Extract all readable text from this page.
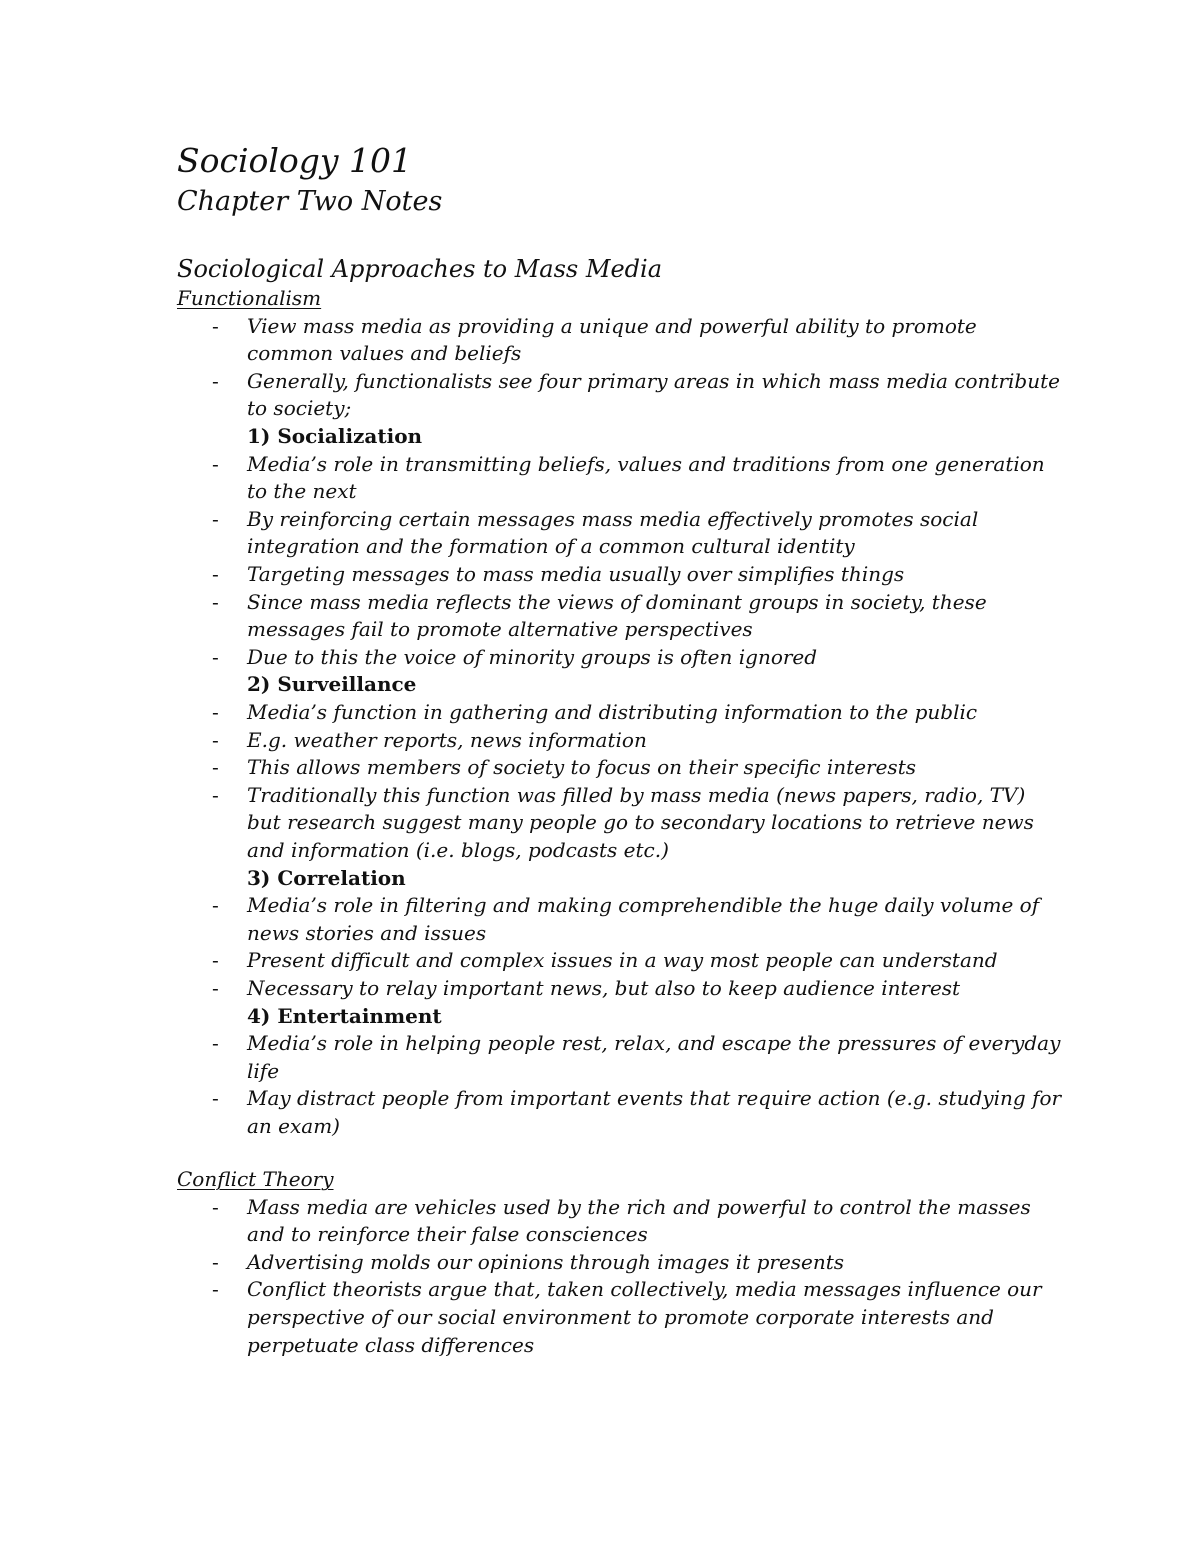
Sociology 101
Chapter Two Notes
Sociological Approaches to Mass Media
Functionalism
- View mass media as providing a unique and powerful ability to promote
common values and beliefs
- Generally, functionalists see four primary areas in which mass media contribute
to society;
1) Socialization
- Media’s role in transmitting beliefs, values and traditions from one generation
to the next
- By reinforcing certain messages mass media effectively promotes social
integration and the formation of a common cultural identity
- Targeting messages to mass media usually over simplifies things
- Since mass media reflects the views of dominant groups in society, these
messages fail to promote alternative perspectives
- Due to this the voice of minority groups is often ignored
2) Surveillance
- Media’s function in gathering and distributing information to the public
- E.g. weather reports, news information
- This allows members of society to focus on their specific interests
- Traditionally this function was filled by mass media (news papers, radio, TV)
but research suggest many people go to secondary locations to retrieve news
and information (i.e. blogs, podcasts etc.)
3) Correlation
- Media’s role in filtering and making comprehendible the huge daily volume of
news stories and issues
- Present difficult and complex issues in a way most people can understand
- Necessary to relay important news, but also to keep audience interest
4) Entertainment
- Media’s role in helping people rest, relax, and escape the pressures of everyday
life
- May distract people from important events that require action (e.g. studying for
an exam)
Conflict Theory
- Mass media are vehicles used by the rich and powerful to control the masses
and to reinforce their false consciences
- Advertising molds our opinions through images it presents
- Conflict theorists argue that, taken collectively, media messages influence our
perspective of our social environment to promote corporate interests and
perpetuate class differences
